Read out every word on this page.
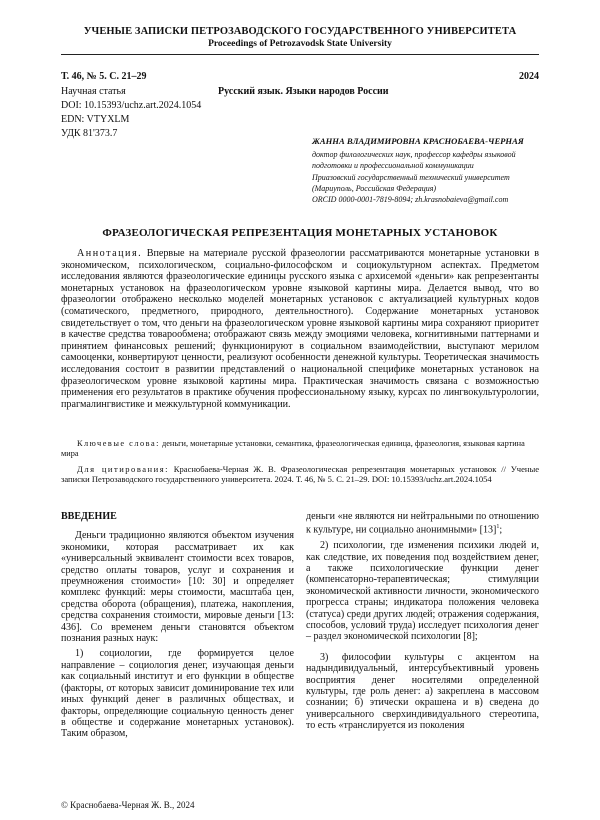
УЧЕНЫЕ ЗАПИСКИ ПЕТРОЗАВОДСКОГО ГОСУДАРСТВЕННОГО УНИВЕРСИТЕТА
Proceedings of Petrozavodsk State University
Т. 46, № 5. С. 21–29	2024
Научная статья	Русский язык. Языки народов России
DOI: 10.15393/uchz.art.2024.1054
EDN: VTYXLM
УДК 81'373.7
ЖАННА ВЛАДИМИРОВНА КРАСНОБАЕВА-ЧЕРНАЯ
доктор филологических наук, профессор кафедры языковой
подготовки и профессиональной коммуникации
Приазовский государственный технический университет
(Мариуполь, Российская Федерация)
ORCID 0000-0001-7819-8094; zh.krasnobaieva@gmail.com
ФРАЗЕОЛОГИЧЕСКАЯ РЕПРЕЗЕНТАЦИЯ МОНЕТАРНЫХ УСТАНОВОК
Аннотация. Впервые на материале русской фразеологии рассматриваются монетарные установки в экономическом, психологическом, социально-философском и социокультурном аспектах. Предметом исследования являются фразеологические единицы русского языка с архисемой «деньги» как репрезентанты монетарных установок на фразеологическом уровне языковой картины мира. Делается вывод, что во фразеологии отображено несколько моделей монетарных установок с актуализацией культурных кодов (соматического, предметного, природного, деятельностного). Содержание монетарных установок свидетельствует о том, что деньги на фразеологическом уровне языковой картины мира сохраняют приоритет в качестве средства товарообмена; отображают связь между эмоциями человека, когнитивными паттернами и принятием финансовых решений; функционируют в социальном взаимодействии, выступают мерилом самооценки, конвертируют ценности, реализуют особенности денежной культуры. Теоретическая значимость исследования состоит в развитии представлений о национальной специфике монетарных установок на фразеологическом уровне языковой картины мира. Практическая значимость связана с возможностью применения его результатов в практике обучения профессиональному языку, курсах по лингвокультурологии, прагмалингвистике и межкультурной коммуникации.
Ключевые слова: деньги, монетарные установки, семантика, фразеологическая единица, фразеология, языковая картина мира
Для цитирования: Краснобаева-Черная Ж. В. Фразеологическая репрезентация монетарных установок // Ученые записки Петрозаводского государственного университета. 2024. Т. 46, № 5. С. 21–29. DOI: 10.15393/uchz.art.2024.1054

ВВЕДЕНИЕ

Деньги традиционно являются объектом изучения экономики, которая рассматривает их как «универсальный эквивалент стоимости всех товаров, средство оплаты товаров, услуг и сохранения и преумножения стоимости» [10: 30] и определяет комплекс функций: меры стоимости, масштаба цен, средства оборота (обращения), платежа, накопления, средства сохранения стоимости, мировые деньги [13: 436]. Со временем деньги становятся объектом познания разных наук:

1) социологии, где формируется целое направление – социология денег, изучающая деньги как социальный институт и его функции в обществе (факторы, от которых зависит доминирование тех или иных функций денег в различных обществах, и факторы, определяющие социальную ценность денег в обществе и содержание монетарных установок). Таким образом,

деньги «не являются ни нейтральными по отношению к культуре, ни социально анонимными» $[13]^1$;

2) психологии, где изменения психики людей и, как следствие, их поведения под воздействием денег, а также психологические функции денег (компенсаторно-терапевтическая; стимуляции экономической активности личности, экономического прогресса страны; индикатора положения человека (статуса) среди других людей; отражения содержания, способов, условий труда) исследует психология денег – раздел экономической психологии [8];

3) философии культуры с акцентом на надындивидуальный, интерсубъективный уровень восприятия денег носителями определенной культуры, где роль денег: а) закреплена в массовом сознании; б) этически окрашена и в) сведена до универсального сверхиндивидуального стереотипа, то есть «транслируется из поколения

© Краснобаева-Черная Ж. В., 2024
